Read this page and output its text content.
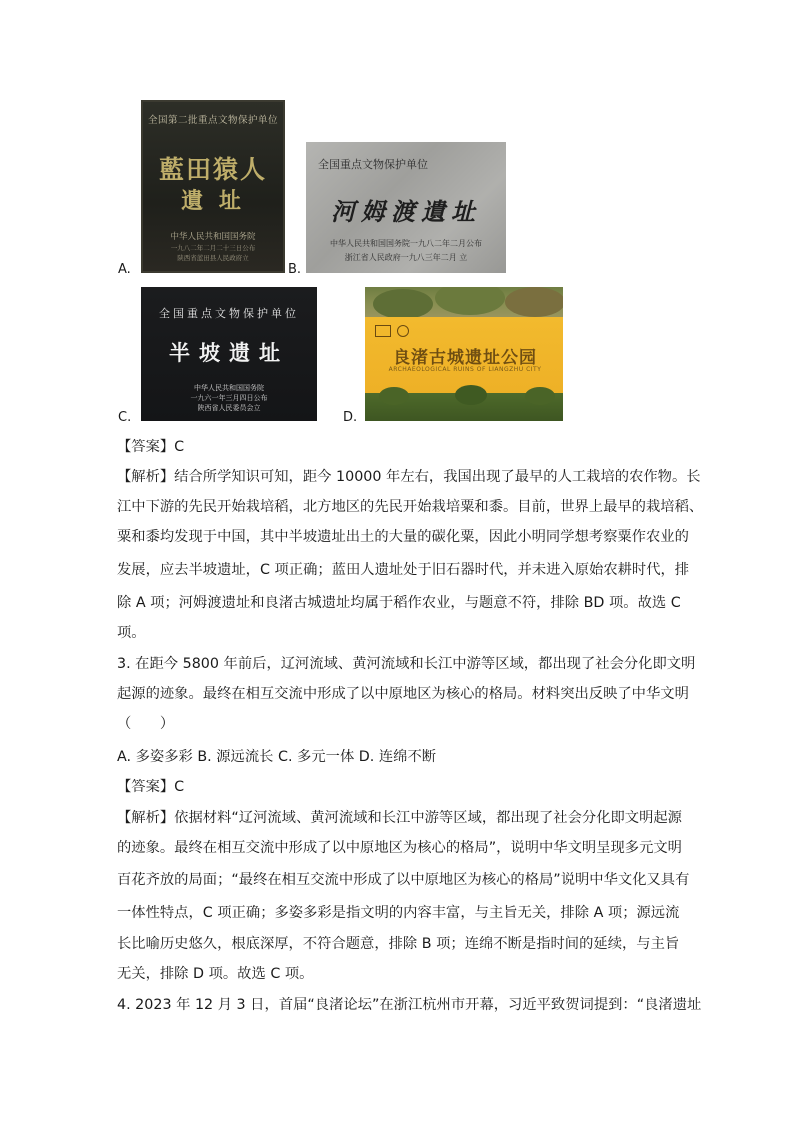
A.
全国第二批重点文物保护单位
藍田猿人
遺 址
中华人民共和国国务院
一九八二年二月二十三日公布
陕西省蓝田县人民政府立
B.
全国重点文物保护单位
河姆渡遺址
中华人民共和国国务院一九八二年二月公布
浙江省人民政府一九八三年二月 立
C.
全国重点文物保护单位
半坡遗址
中华人民共和国国务院
一九六一年三月四日公布
陕西省人民委员会立
D.
良渚古城遗址公园
ARCHAEOLOGICAL RUINS OF LIANGZHU CITY
【答案】C
【解析】结合所学知识可知，距今 10000 年左右，我国出现了最早的人工栽培的农作物。长
江中下游的先民开始栽培稻，北方地区的先民开始栽培粟和黍。目前，世界上最早的栽培稻、
粟和黍均发现于中国，其中半坡遗址出土的大量的碳化粟，因此小明同学想考察粟作农业的
发展，应去半坡遗址，C 项正确；蓝田人遗址处于旧石器时代，并未进入原始农耕时代，排
除 A 项；河姆渡遗址和良渚古城遗址均属于稻作农业，与题意不符，排除 BD 项。故选 C
项。
3. 在距今 5800 年前后，辽河流域、黄河流域和长江中游等区域，都出现了社会分化即文明
起源的迹象。最终在相互交流中形成了以中原地区为核心的格局。材料突出反映了中华文明
（　　）
A. 多姿多彩 B. 源远流长 C. 多元一体 D. 连绵不断
【答案】C
【解析】依据材料“辽河流域、黄河流域和长江中游等区域，都出现了社会分化即文明起源
的迹象。最终在相互交流中形成了以中原地区为核心的格局”，说明中华文明呈现多元文明
百花齐放的局面；“最终在相互交流中形成了以中原地区为核心的格局”说明中华文化又具有
一体性特点，C 项正确；多姿多彩是指文明的内容丰富，与主旨无关，排除 A 项；源远流
长比喻历史悠久，根底深厚，不符合题意，排除 B 项；连绵不断是指时间的延续，与主旨
无关，排除 D 项。故选 C 项。
4. 2023 年 12 月 3 日，首届“良渚论坛”在浙江杭州市开幕，习近平致贺词提到：“良渚遗址
